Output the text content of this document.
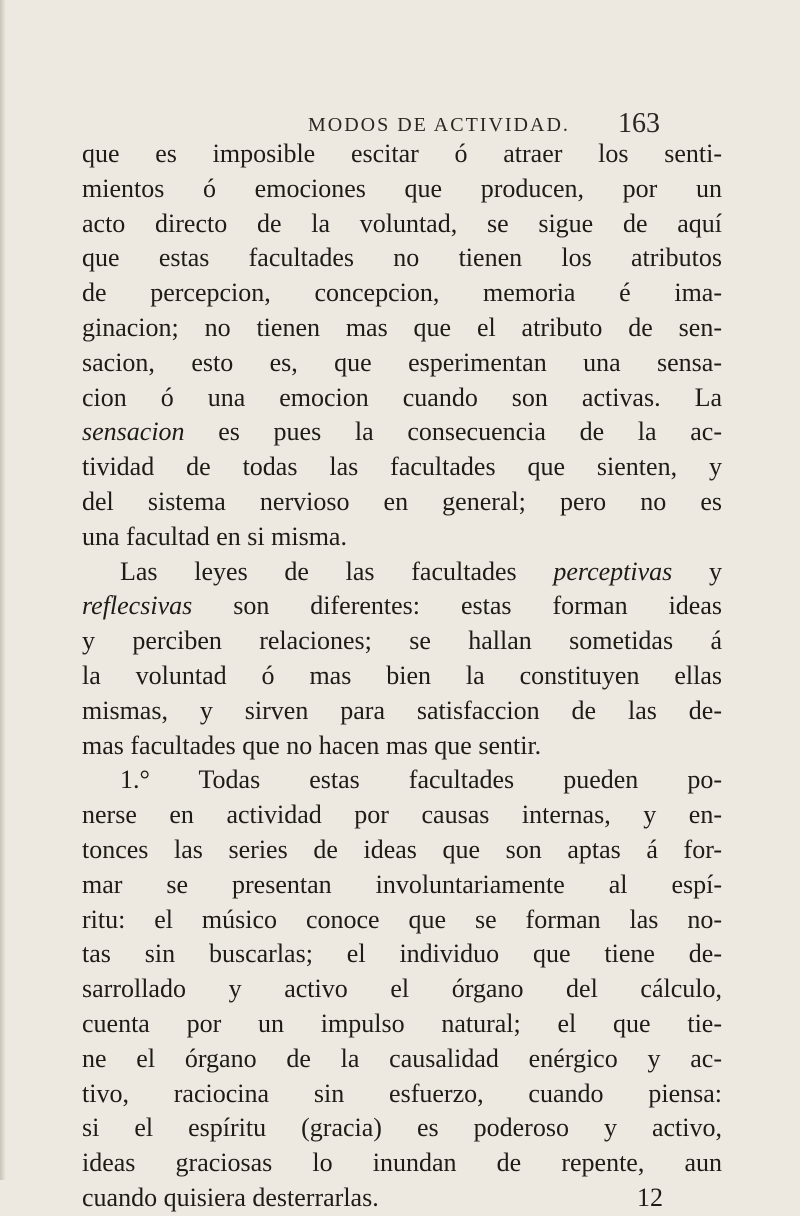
MODOS DE ACTIVIDAD. 163
que es imposible escitar ó atraer los senti-
mientos ó emociones que producen, por un
acto directo de la voluntad, se sigue de aquí
que estas facultades no tienen los atributos
de percepcion, concepcion, memoria é ima-
ginacion; no tienen mas que el atributo de sen-
sacion, esto es, que esperimentan una sensa-
cion ó una emocion cuando son activas. La
sensacion es pues la consecuencia de la ac-
tividad de todas las facultades que sienten, y
del sistema nervioso en general; pero no es
una facultad en si misma.
Las leyes de las facultades perceptivas y
reflecsivas son diferentes: estas forman ideas
y perciben relaciones; se hallan sometidas á
la voluntad ó mas bien la constituyen ellas
mismas, y sirven para satisfaccion de las de-
mas facultades que no hacen mas que sentir.
1.° Todas estas facultades pueden po-
nerse en actividad por causas internas, y en-
tonces las series de ideas que son aptas á for-
mar se presentan involuntariamente al espí-
ritu: el músico conoce que se forman las no-
tas sin buscarlas; el individuo que tiene de-
sarrollado y activo el órgano del cálculo,
cuenta por un impulso natural; el que tie-
ne el órgano de la causalidad enérgico y ac-
tivo, raciocina sin esfuerzo, cuando piensa:
si el espíritu (gracia) es poderoso y activo,
ideas graciosas lo inundan de repente, aun
cuando quisiera desterrarlas.	12
